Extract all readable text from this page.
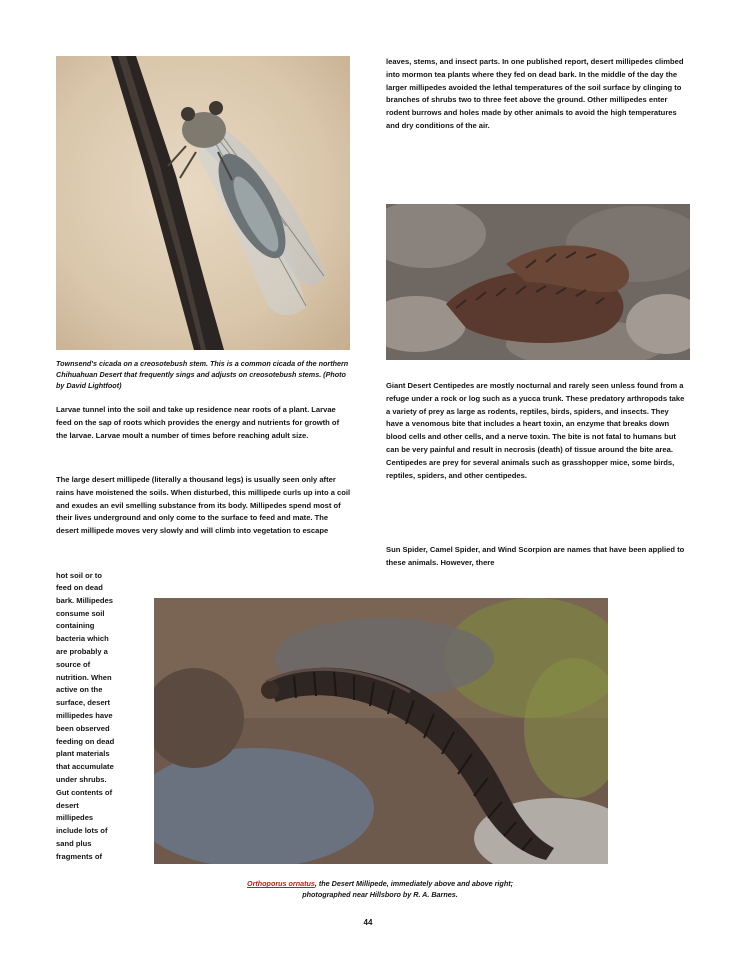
Townsend's cicada on a creosotebush stem. This is a common cicada of the northern Chihuahuan Desert that frequently sings and adjusts on creosotebush stems. (Photo by David Lightfoot)

Larvae tunnel into the soil and take up residence near roots of a plant. Larvae feed on the sap of roots which provides the energy and nutrients for growth of the larvae. Larvae moult a number of times before reaching adult size.

The large desert millipede (literally a thousand legs) is usually seen only after rains have moistened the soils. When disturbed, this millipede curls up into a coil and exudes an evil smelling substance from its body. Millipedes spend most of their lives underground and only come to the surface to feed and mate. The desert millipede moves very slowly and will climb into vegetation to escape

hot soil or to

feed on dead

bark. Millipedes

consume soil

containing

bacteria which

are probably a

source of

nutrition. When

active on the

surface, desert

millipedes have

been observed

feeding on dead

plant materials

that accumulate

under shrubs.

Gut contents of

desert

millipedes

include lots of

sand plus

fragments of

leaves, stems, and insect parts. In one published report, desert millipedes climbed into mormon tea plants where they fed on dead bark. In the middle of the day the larger millipedes avoided the lethal temperatures of the soil surface by clinging to branches of shrubs two to three feet above the ground. Other millipedes enter rodent burrows and holes made by other animals to avoid the high temperatures and dry conditions of the air.

Giant Desert Centipedes are mostly nocturnal and rarely seen unless found from a refuge under a rock or log such as a yucca trunk. These predatory arthropods take a variety of prey as large as rodents, reptiles, birds, spiders, and insects. They have a venomous bite that includes a heart toxin, an enzyme that breaks down blood cells and other cells, and a nerve toxin. The bite is not fatal to humans but can be very painful and result in necrosis (death) of tissue around the bite area. Centipedes are prey for several animals such as grasshopper mice, some birds, reptiles, spiders, and other centipedes.

Sun Spider, Camel Spider, and Wind Scorpion are names that have been applied to these animals. However, there

Orthoporus ornatus, the Desert Millipede, immediately above and above right;

photographed near Hillsboro by R. A. Barnes.

44
